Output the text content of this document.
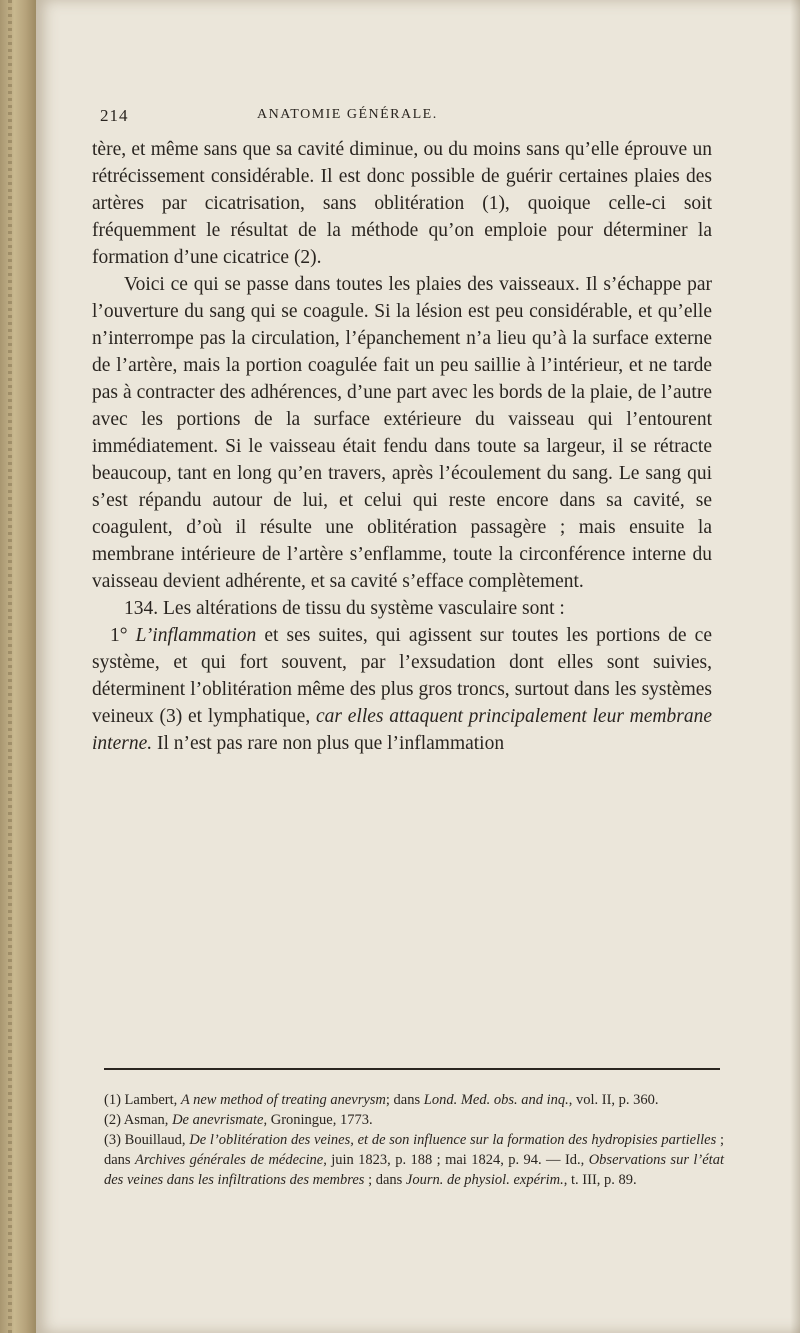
214	ANATOMIE GÉNÉRALE.

tère, et même sans que sa cavité diminue, ou du moins sans qu’elle éprouve un rétrécissement considérable. Il est donc possible de guérir certaines plaies des artères par cicatrisation, sans oblitération (1), quoique celle-ci soit fréquemment le résultat de la méthode qu’on emploie pour déterminer la formation d’une cicatrice (2).

Voici ce qui se passe dans toutes les plaies des vaisseaux. Il s’échappe par l’ouverture du sang qui se coagule. Si la lésion est peu considérable, et qu’elle n’interrompe pas la circulation, l’épanchement n’a lieu qu’à la surface externe de l’artère, mais la portion coagulée fait un peu saillie à l’intérieur, et ne tarde pas à contracter des adhérences, d’une part avec les bords de la plaie, de l’autre avec les portions de la surface extérieure du vaisseau qui l’entourent immédiatement. Si le vaisseau était fendu dans toute sa largeur, il se rétracte beaucoup, tant en long qu’en travers, après l’écoulement du sang. Le sang qui s’est répandu autour de lui, et celui qui reste encore dans sa cavité, se coagulent, d’où il résulte une oblitération passagère ; mais ensuite la membrane intérieure de l’artère s’enflamme, toute la circonférence interne du vaisseau devient adhérente, et sa cavité s’efface complètement.

134. Les altérations de tissu du système vasculaire sont :

1° L’inflammation et ses suites, qui agissent sur toutes les portions de ce système, et qui fort souvent, par l’exsudation dont elles sont suivies, déterminent l’oblitération même des plus gros troncs, surtout dans les systèmes veineux (3) et lymphatique, car elles attaquent principalement leur membrane interne. Il n’est pas rare non plus que l’inflammation

(1) Lambert, A new method of treating anevrysm; dans Lond. Med. obs. and inq., vol. II, p. 360.

(2) Asman, De anevrismate, Groningue, 1773.

(3) Bouillaud, De l’oblitération des veines, et de son influence sur la formation des hydropisies partielles ; dans Archives générales de médecine, juin 1823, p. 188 ; mai 1824, p. 94. — Id., Observations sur l’état des veines dans les infiltrations des membres ; dans Journ. de physiol. expérim., t. III, p. 89.
